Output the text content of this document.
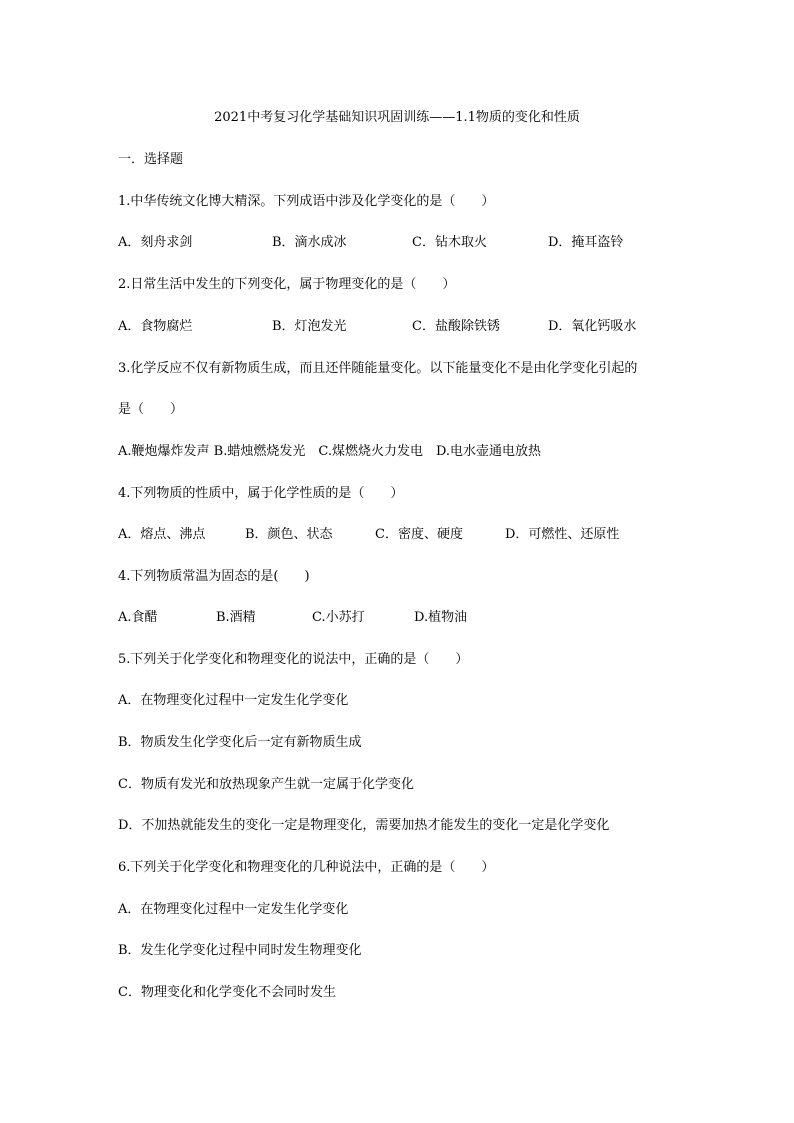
2021中考复习化学基础知识巩固训练——1.1物质的变化和性质
一．选择题
1.中华传统文化博大精深。下列成语中涉及化学变化的是（　　）
A．刻舟求剑	B．滴水成冰	C．钻木取火	D．掩耳盗铃
2.日常生活中发生的下列变化，属于物理变化的是（　　）
A．食物腐烂	B．灯泡发光	C．盐酸除铁锈	D．氧化钙吸水
3.化学反应不仅有新物质生成，而且还伴随能量变化。以下能量变化不是由化学变化引起的
是（　　）
A.鞭炮爆炸发声 B.蜡烛燃烧发光　C.煤燃烧火力发电　D.电水壶通电放热
4.下列物质的性质中，属于化学性质的是（　　）
A．熔点、沸点	B．颜色、状态	C．密度、硬度	D．可燃性、还原性
4.下列物质常温为固态的是(　　)
A.食醋	B.酒精	C.小苏打	D.植物油
5.下列关于化学变化和物理变化的说法中，正确的是（　　）
A．在物理变化过程中一定发生化学变化
B．物质发生化学变化后一定有新物质生成
C．物质有发光和放热现象产生就一定属于化学变化
D．不加热就能发生的变化一定是物理变化，需要加热才能发生的变化一定是化学变化
6.下列关于化学变化和物理变化的几种说法中，正确的是（　　）
A．在物理变化过程中一定发生化学变化
B．发生化学变化过程中同时发生物理变化
C．物理变化和化学变化不会同时发生
